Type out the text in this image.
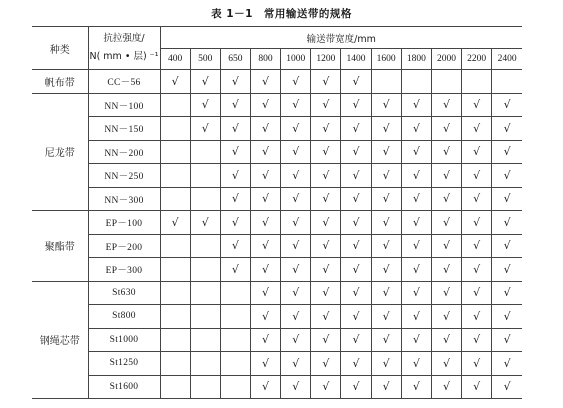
表 1－1　常用输送带的规格
种类	抗拉强度/
N( mm • 层) ⁻¹	输送带宽度/mm											
		400	500	650	800	1000	1200	1400	1600	1800	2000	2200	2400
帆布带	CC－56	√	√	√	√	√	√	√					
尼龙带	NN－100		√	√	√	√	√	√	√	√	√	√	√
	NN－150		√	√	√	√	√	√	√	√	√	√	√
	NN－200			√	√	√	√	√	√	√	√	√	√
	NN－250			√	√	√	√	√	√	√	√	√	√
	NN－300			√	√	√	√	√	√	√	√	√	√
聚酯带	EP－100	√	√	√	√	√	√	√	√	√	√	√	√
	EP－200			√	√	√	√	√	√	√	√	√	√
	EP－300			√	√	√	√	√	√	√	√	√	√
钢绳芯带	St630				√	√	√	√	√	√	√	√	√
	St800				√	√	√	√	√	√	√	√	√
	St1000				√	√	√	√	√	√	√	√	√
	St1250				√	√	√	√	√	√	√	√	√
	St1600				√	√	√	√	√	√	√	√	√
